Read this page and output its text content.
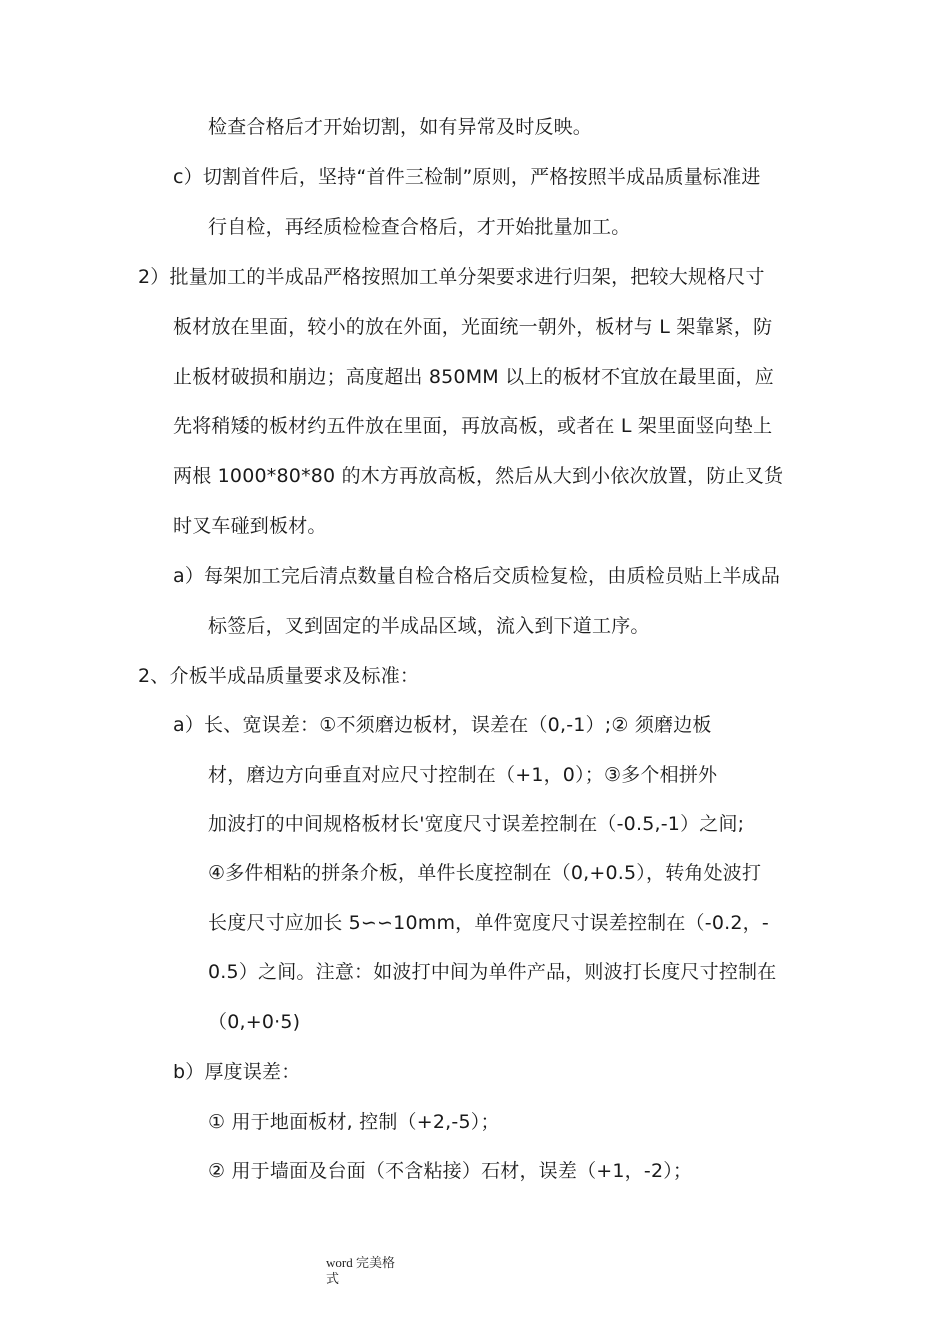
检查合格后才开始切割，如有异常及时反映。
c）切割首件后，坚持“首件三检制”原则，严格按照半成品质量标准进
行自检，再经质检检查合格后，才开始批量加工。
2）批量加工的半成品严格按照加工单分架要求进行归架，把较大规格尺寸
板材放在里面，较小的放在外面，光面统一朝外，板材与 L 架靠紧，防
止板材破损和崩边；高度超出 850MM 以上的板材不宜放在最里面，应
先将稍矮的板材约五件放在里面，再放高板，或者在 L 架里面竖向垫上
两根 1000*80*80 的木方再放高板，然后从大到小依次放置，防止叉货
时叉车碰到板材。
a）每架加工完后清点数量自检合格后交质检复检，由质检员贴上半成品
标签后，叉到固定的半成品区域，流入到下道工序。
2、介板半成品质量要求及标准：
a）长、宽误差：①不须磨边板材，误差在（0,-1）;② 须磨边板
材，磨边方向垂直对应尺寸控制在（+1，0）；③多个相拼外
加波打的中间规格板材长'宽度尺寸误差控制在（-0.5,-1）之间;
④多件相粘的拼条介板，单件长度控制在（0,+0.5），转角处波打
长度尺寸应加长 5∽∽10mm，单件宽度尺寸误差控制在（-0.2，-
0.5）之间。注意：如波打中间为单件产品，则波打长度尺寸控制在
（0,+0·5)
b）厚度误差：
① 用于地面板材, 控制（+2,-5）；
② 用于墙面及台面（不含粘接）石材，误差（+1，-2）；
word 完美格
式
